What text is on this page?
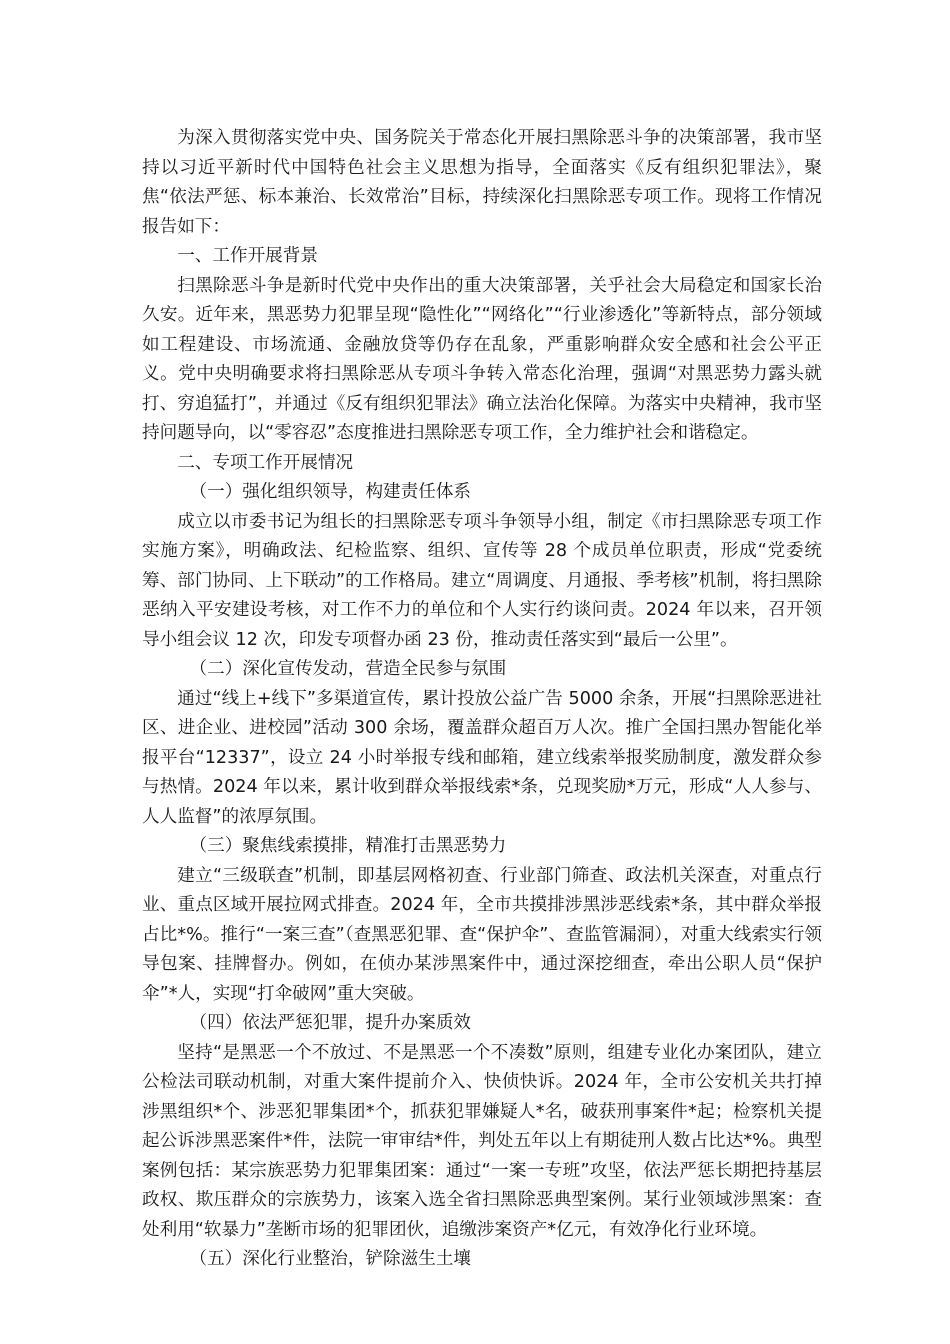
为深入贯彻落实党中央、国务院关于常态化开展扫黑除恶斗争的决策部署，我市坚持以习近平新时代中国特色社会主义思想为指导，全面落实《反有组织犯罪法》，聚焦“依法严惩、标本兼治、长效常治”目标，持续深化扫黑除恶专项工作。现将工作情况报告如下：

一、工作开展背景

扫黑除恶斗争是新时代党中央作出的重大决策部署，关乎社会大局稳定和国家长治久安。近年来，黑恶势力犯罪呈现“隐性化”“网络化”“行业渗透化”等新特点，部分领域如工程建设、市场流通、金融放贷等仍存在乱象，严重影响群众安全感和社会公平正义。党中央明确要求将扫黑除恶从专项斗争转入常态化治理，强调“对黑恶势力露头就打、穷追猛打”，并通过《反有组织犯罪法》确立法治化保障。为落实中央精神，我市坚持问题导向，以“零容忍”态度推进扫黑除恶专项工作，全力维护社会和谐稳定。

二、专项工作开展情况

（一）强化组织领导，构建责任体系

成立以市委书记为组长的扫黑除恶专项斗争领导小组，制定《市扫黑除恶专项工作实施方案》，明确政法、纪检监察、组织、宣传等 28 个成员单位职责，形成“党委统筹、部门协同、上下联动”的工作格局。建立“周调度、月通报、季考核”机制，将扫黑除恶纳入平安建设考核，对工作不力的单位和个人实行约谈问责。2024 年以来，召开领导小组会议 12 次，印发专项督办函 23 份，推动责任落实到“最后一公里”。

（二）深化宣传发动，营造全民参与氛围

通过“线上+线下”多渠道宣传，累计投放公益广告 5000 余条，开展“扫黑除恶进社区、进企业、进校园”活动 300 余场，覆盖群众超百万人次。推广全国扫黑办智能化举报平台“12337”，设立 24 小时举报专线和邮箱，建立线索举报奖励制度，激发群众参与热情。2024 年以来，累计收到群众举报线索*条，兑现奖励*万元，形成“人人参与、人人监督”的浓厚氛围。

（三）聚焦线索摸排，精准打击黑恶势力

建立“三级联查”机制，即基层网格初查、行业部门筛查、政法机关深查，对重点行业、重点区域开展拉网式排查。2024 年，全市共摸排涉黑涉恶线索*条，其中群众举报占比*%。推行“一案三查”（查黑恶犯罪、查“保护伞”、查监管漏洞），对重大线索实行领导包案、挂牌督办。例如，在侦办某涉黑案件中，通过深挖细查，牵出公职人员“保护伞”*人，实现“打伞破网”重大突破。

（四）依法严惩犯罪，提升办案质效

坚持“是黑恶一个不放过、不是黑恶一个不凑数”原则，组建专业化办案团队，建立公检法司联动机制，对重大案件提前介入、快侦快诉。2024 年，全市公安机关共打掉涉黑组织*个、涉恶犯罪集团*个，抓获犯罪嫌疑人*名，破获刑事案件*起；检察机关提起公诉涉黑恶案件*件，法院一审审结*件，判处五年以上有期徒刑人数占比达*%。典型案例包括：某宗族恶势力犯罪集团案：通过“一案一专班”攻坚，依法严惩长期把持基层政权、欺压群众的宗族势力，该案入选全省扫黑除恶典型案例。某行业领域涉黑案：查处利用“软暴力”垄断市场的犯罪团伙，追缴涉案资产*亿元，有效净化行业环境。

（五）深化行业整治，铲除滋生土壤
